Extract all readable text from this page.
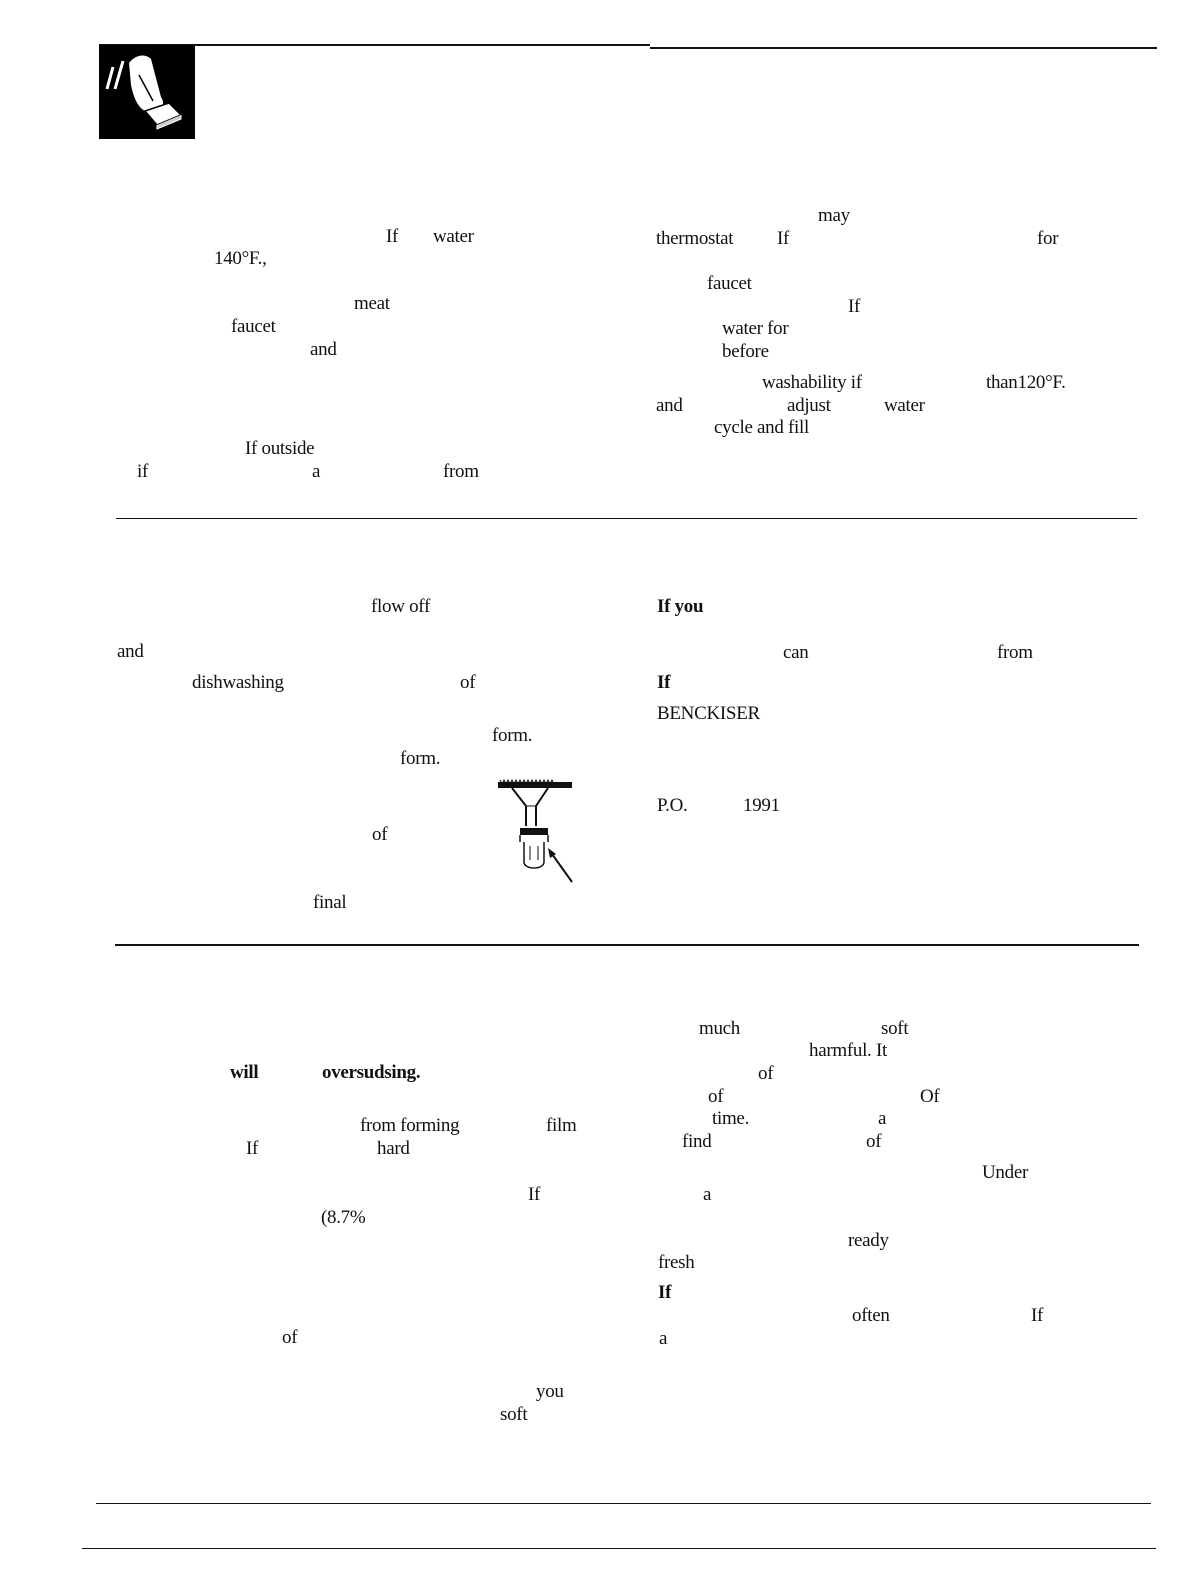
If water
140°F.,
meat
faucet
and
If outside
if	a	from
may
thermostat If	for
faucet
If
water for
before
washability if	than120°F.
and	adjust	water
cycle and fill
flow off
and
dishwashing	of
form.
form.
of
final
If you
can	from
If
BENCKISER
P.O.	1991
will	oversudsing.
from forming	film
If	hard
If
(8.7%
of
you
soft
much	soft
harmful. It
of
of	Of
time.	a
find	of
Under
a
ready
fresh
If
often	If
a
